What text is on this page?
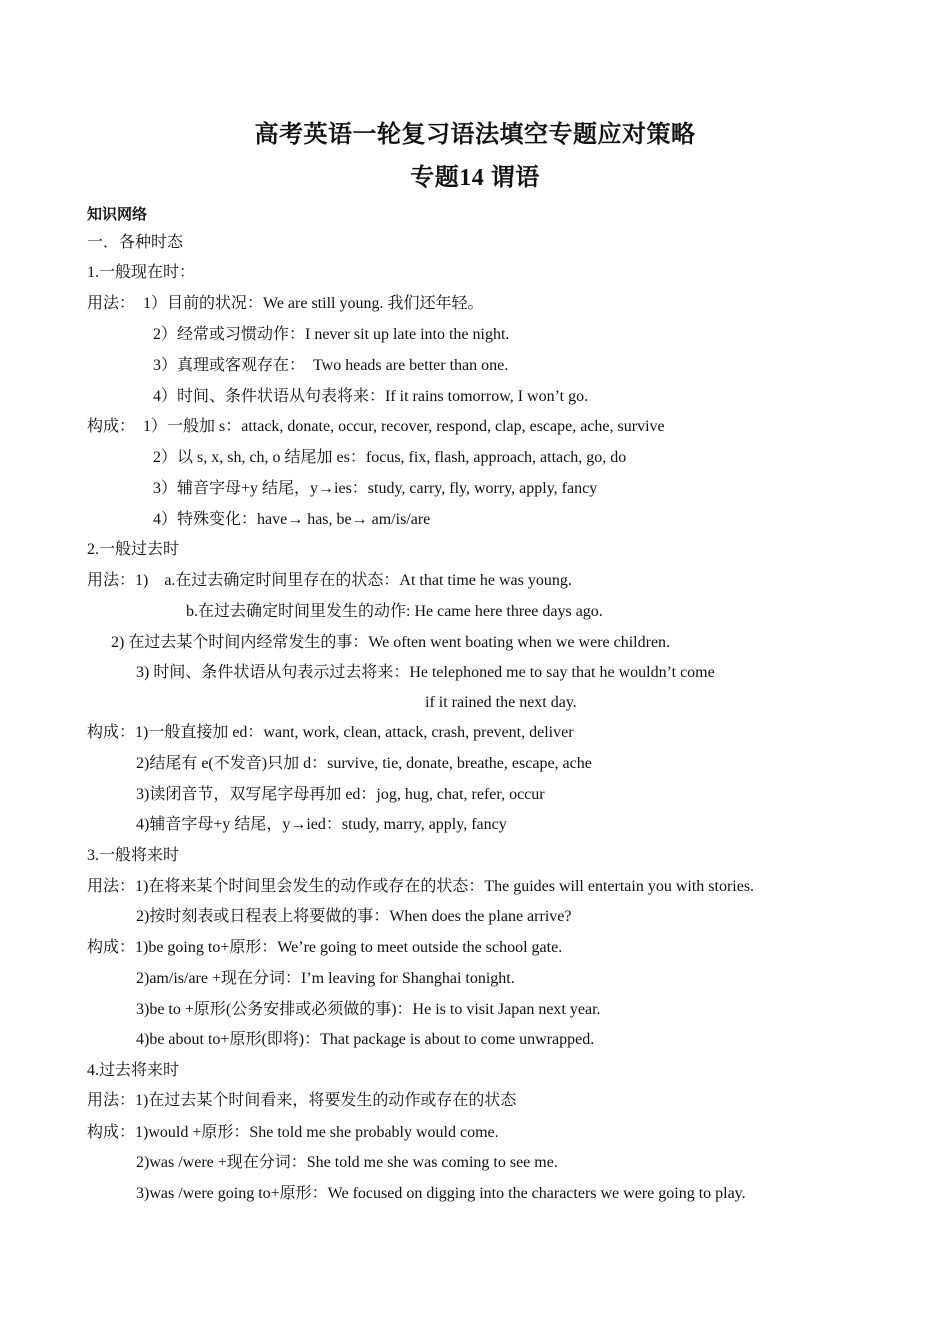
高考英语一轮复习语法填空专题应对策略
专题14 谓语
知识网络
一．各种时态
1.一般现在时：
用法：　1）目前的状况：We are still young. 我们还年轻。
2）经常或习惯动作：I never sit up late into the night.
3）真理或客观存在：　Two heads are better than one.
4）时间、条件状语从句表将来：If it rains tomorrow, I won’t go.
构成：　1）一般加 s：attack, donate, occur, recover, respond, clap, escape, ache, survive
2）以 s, x, sh, ch, o 结尾加 es：focus, fix, flash, approach, attach, go, do
3）辅音字母+y 结尾，y→ies：study, carry, fly, worry, apply, fancy
4）特殊变化：have→ has, be→ am/is/are
2.一般过去时
用法：1)　a.在过去确定时间里存在的状态：At that time he was young.
b.在过去确定时间里发生的动作: He came here three days ago.
2) 在过去某个时间内经常发生的事：We often went boating when we were children.
3) 时间、条件状语从句表示过去将来：He telephoned me to say that he wouldn’t come
if it rained the next day.
构成：1)一般直接加 ed：want, work, clean, attack, crash, prevent, deliver
2)结尾有 e(不发音)只加 d：survive, tie, donate, breathe, escape, ache
3)读闭音节，双写尾字母再加 ed：jog, hug, chat, refer, occur
4)辅音字母+y 结尾，y→ied：study, marry, apply, fancy
3.一般将来时
用法：1)在将来某个时间里会发生的动作或存在的状态：The guides will entertain you with stories.
2)按时刻表或日程表上将要做的事：When does the plane arrive?
构成：1)be going to+原形：We’re going to meet outside the school gate.
2)am/is/are +现在分词：I’m leaving for Shanghai tonight.
3)be to +原形(公务安排或必须做的事)：He is to visit Japan next year.
4)be about to+原形(即将)：That package is about to come unwrapped.
4.过去将来时
用法：1)在过去某个时间看来，将要发生的动作或存在的状态
构成：1)would +原形：She told me she probably would come.
2)was /were +现在分词：She told me she was coming to see me.
3)was /were going to+原形：We focused on digging into the characters we were going to play.
